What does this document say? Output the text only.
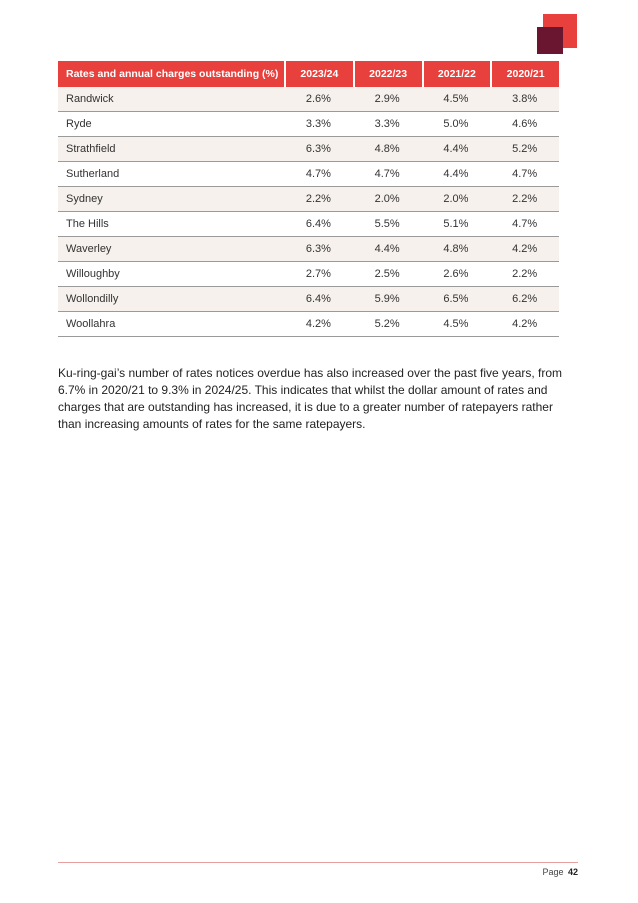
Rates and annual charges outstanding (%)	2023/24	2022/23	2021/22	2020/21
Randwick	2.6%	2.9%	4.5%	3.8%
Ryde	3.3%	3.3%	5.0%	4.6%
Strathfield	6.3%	4.8%	4.4%	5.2%
Sutherland	4.7%	4.7%	4.4%	4.7%
Sydney	2.2%	2.0%	2.0%	2.2%
The Hills	6.4%	5.5%	5.1%	4.7%
Waverley	6.3%	4.4%	4.8%	4.2%
Willoughby	2.7%	2.5%	2.6%	2.2%
Wollondilly	6.4%	5.9%	6.5%	6.2%
Woollahra	4.2%	5.2%	4.5%	4.2%

Ku-ring-gai’s number of rates notices overdue has also increased over the past five years, from 6.7% in 2020/21 to 9.3% in 2024/25. This indicates that whilst the dollar amount of rates and charges that are outstanding has increased, it is due to a greater number of ratepayers rather than increasing amounts of rates for the same ratepayers.

Page 42
